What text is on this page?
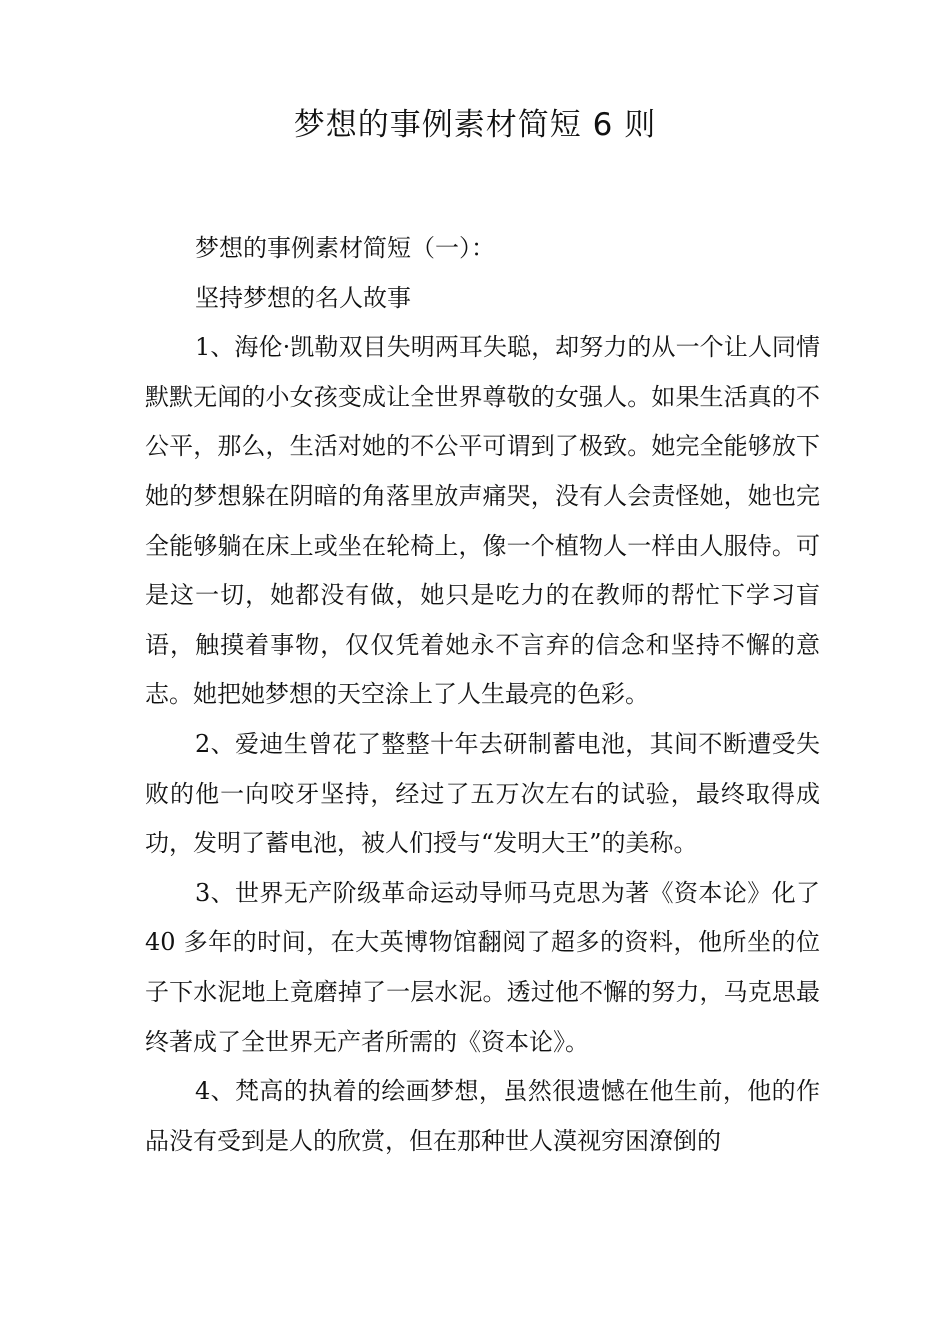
梦想的事例素材简短 6 则

梦想的事例素材简短（一）：

坚持梦想的名人故事

1、海伦·凯勒双目失明两耳失聪，却努力的从一个让人同情默默无闻的小女孩变成让全世界尊敬的女强人。如果生活真的不公平，那么，生活对她的不公平可谓到了极致。她完全能够放下她的梦想躲在阴暗的角落里放声痛哭，没有人会责怪她，她也完全能够躺在床上或坐在轮椅上，像一个植物人一样由人服侍。可是这一切，她都没有做，她只是吃力的在教师的帮忙下学习盲语，触摸着事物，仅仅凭着她永不言弃的信念和坚持不懈的意志。她把她梦想的天空涂上了人生最亮的色彩。

2、爱迪生曾花了整整十年去研制蓄电池，其间不断遭受失败的他一向咬牙坚持，经过了五万次左右的试验，最终取得成功，发明了蓄电池，被人们授与“发明大王”的美称。

3、世界无产阶级革命运动导师马克思为著《资本论》化了 40 多年的时间，在大英博物馆翻阅了超多的资料，他所坐的位子下水泥地上竟磨掉了一层水泥。透过他不懈的努力，马克思最终著成了全世界无产者所需的《资本论》。

4、梵高的执着的绘画梦想，虽然很遗憾在他生前，他的作品没有受到是人的欣赏，但在那种世人漠视穷困潦倒的
